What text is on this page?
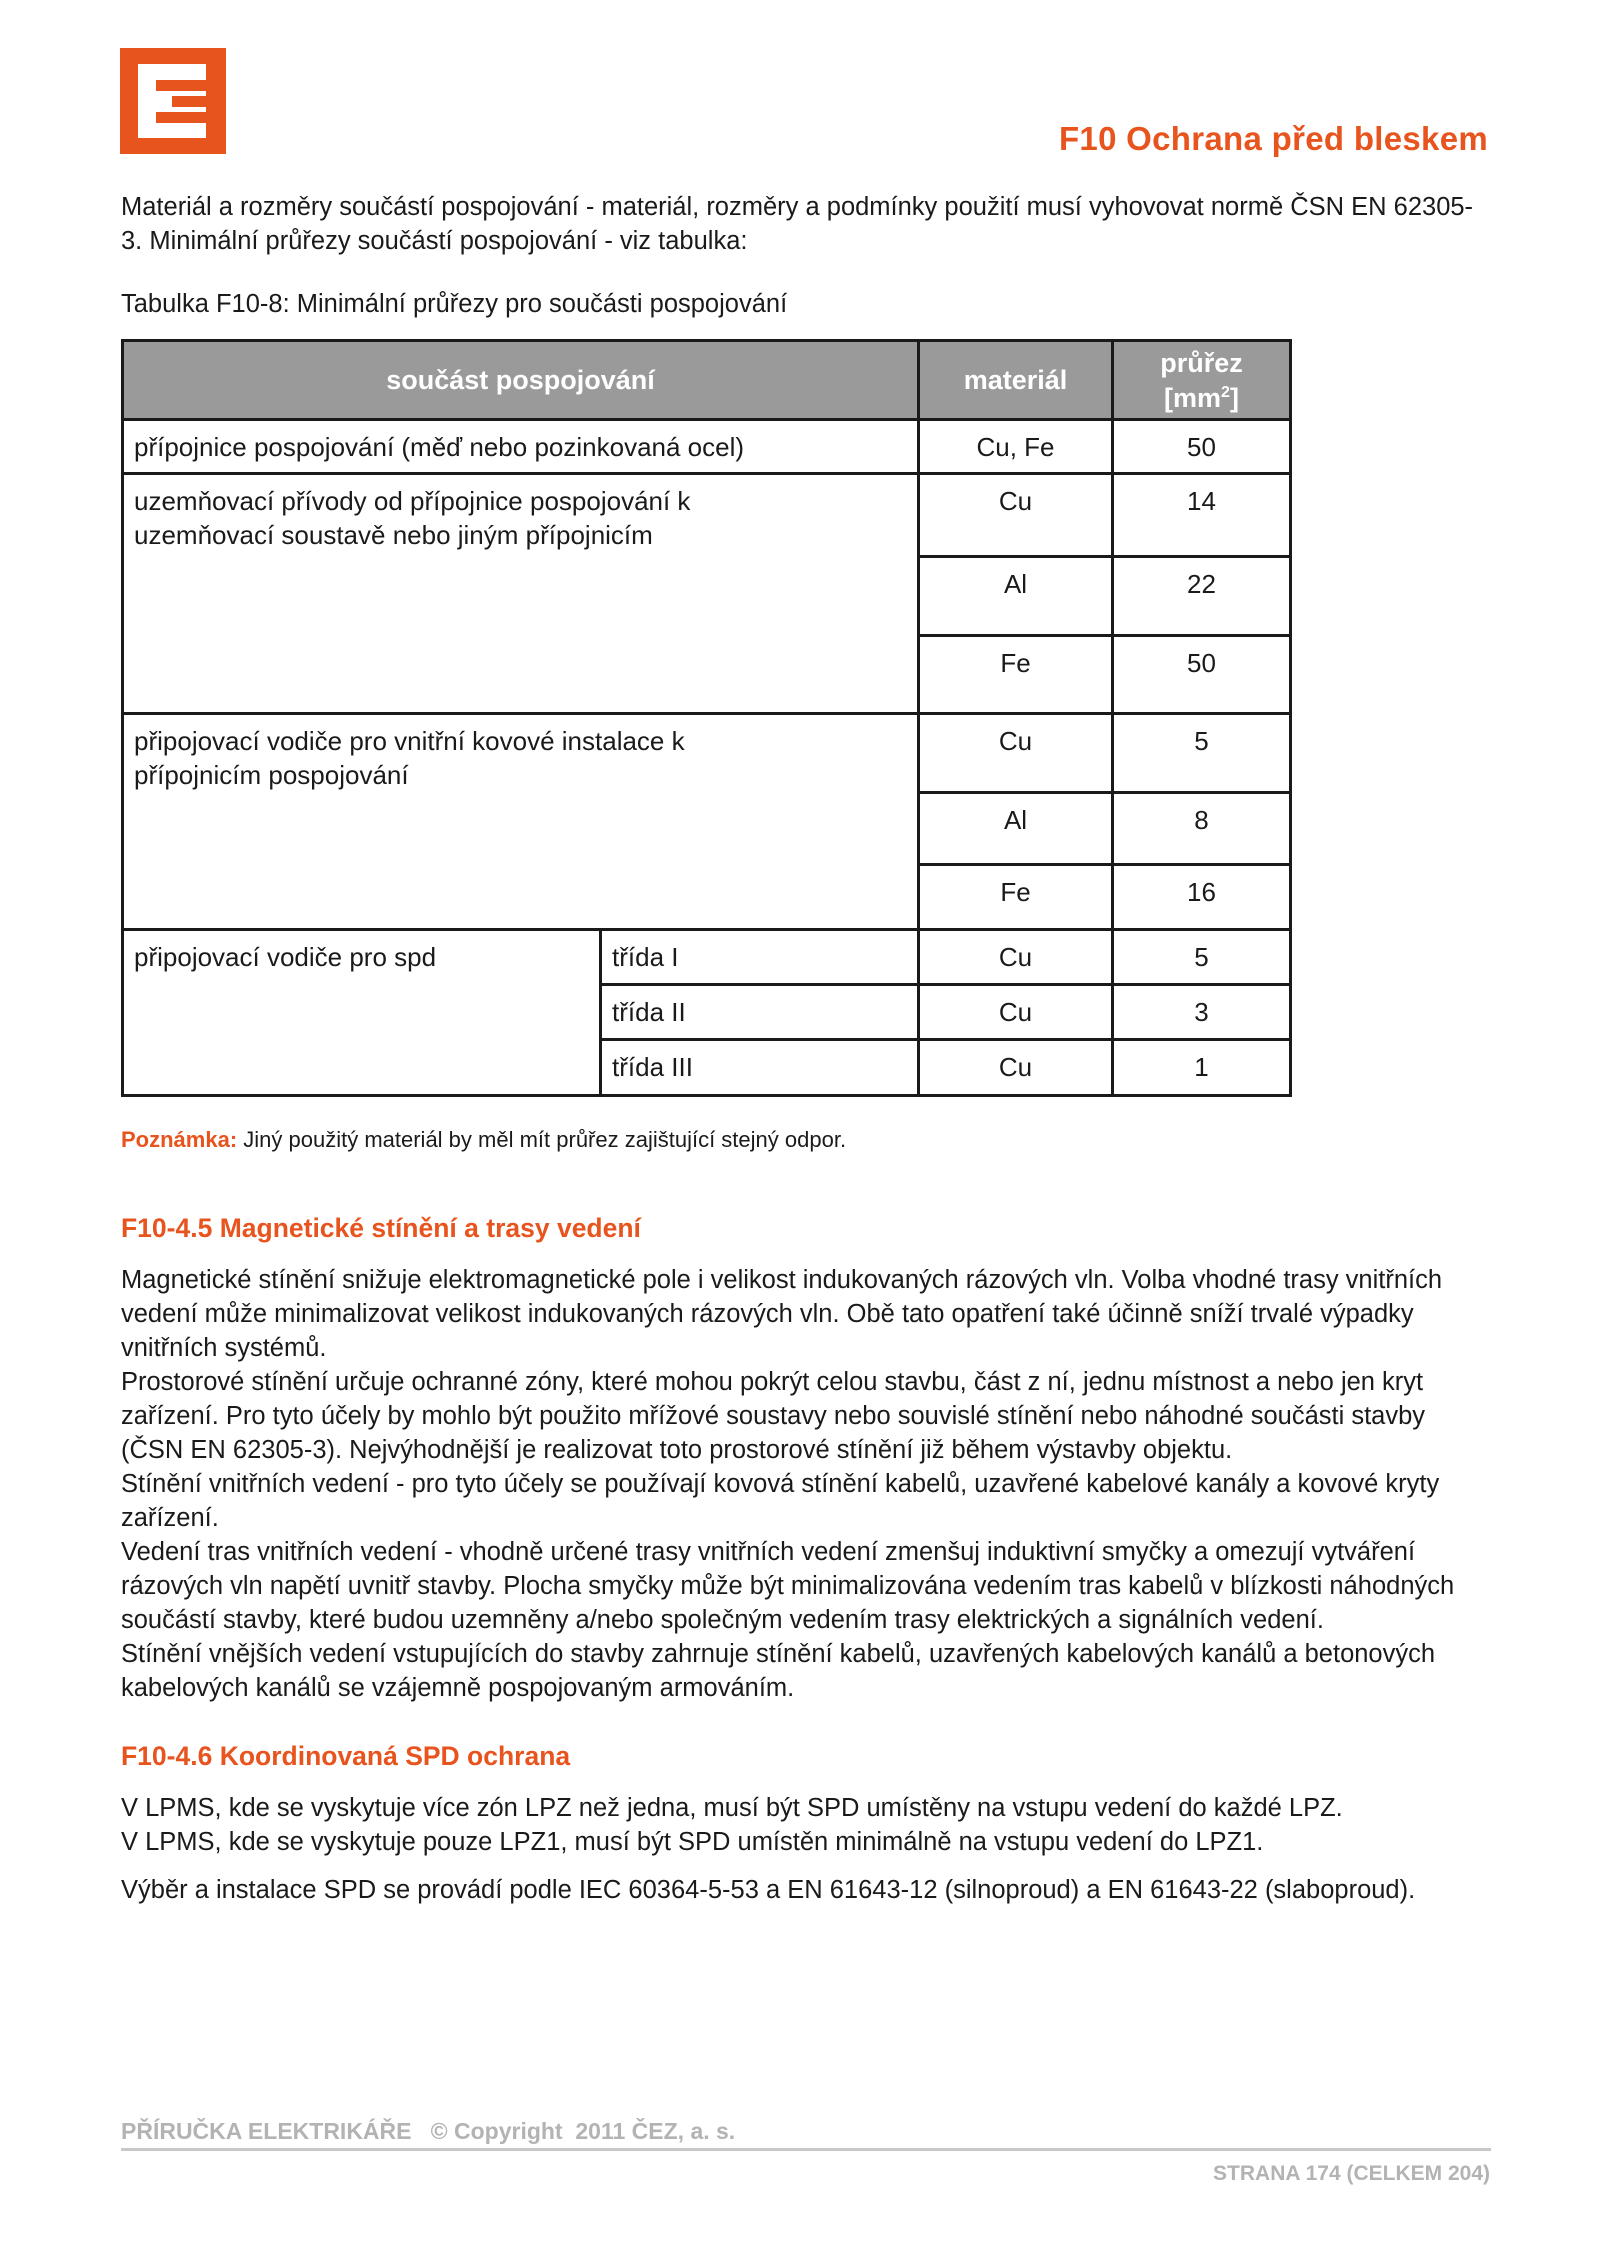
F10 Ochrana před bleskem

Materiál a rozměry součástí pospojování - materiál, rozměry a podmínky použití musí vyhovovat normě ČSN EN 62305-3. Minimální průřezy součástí pospojování - viz tabulka:

Tabulka F10-8: Minimální průřezy pro součásti pospojování

součást pospojování		materiál	průřez
$[mm^2]$
přípojnice pospojování (měď nebo pozinkovaná ocel)		Cu, Fe	50
uzemňovací přívody od přípojnice pospojování k uzemňovací soustavě nebo jiným přípojnicím		Cu	14
		Al	22
		Fe	50
připojovací vodiče pro vnitřní kovové instalace k přípojnicím pospojování		Cu	5
		Al	8
		Fe	16
připojovací vodiče pro spd	třída I	Cu	5
	třída II	Cu	3
	třída III	Cu	1

Poznámka: Jiný použitý materiál by měl mít průřez zajištující stejný odpor.

F10-4.5 Magnetické stínění a trasy vedení

Magnetické stínění snižuje elektromagnetické pole i velikost indukovaných rázových vln. Volba vhodné trasy vnitřních vedení může minimalizovat velikost indukovaných rázových vln. Obě tato opatření také účinně sníží trvalé výpadky vnitřních systémů.

Prostorové stínění určuje ochranné zóny, které mohou pokrýt celou stavbu, část z ní, jednu místnost a nebo jen kryt zařízení. Pro tyto účely by mohlo být použito mřížové soustavy nebo souvislé stínění nebo náhodné součásti stavby (ČSN EN 62305-3). Nejvýhodnější je realizovat toto prostorové stínění již během výstavby objektu.

Stínění vnitřních vedení - pro tyto účely se používají kovová stínění kabelů, uzavřené kabelové kanály a kovové kryty zařízení.

Vedení tras vnitřních vedení - vhodně určené trasy vnitřních vedení zmenšuj induktivní smyčky a omezují vytváření rázových vln napětí uvnitř stavby. Plocha smyčky může být minimalizována vedením tras kabelů v blízkosti náhodných součástí stavby, které budou uzemněny a/nebo společným vedením trasy elektrických a signálních vedení.

Stínění vnějších vedení vstupujících do stavby zahrnuje stínění kabelů, uzavřených kabelových kanálů a betonových kabelových kanálů se vzájemně pospojovaným armováním.

F10-4.6 Koordinovaná SPD ochrana

V LPMS, kde se vyskytuje více zón LPZ než jedna, musí být SPD umístěny na vstupu vedení do každé LPZ.

V LPMS, kde se vyskytuje pouze LPZ1, musí být SPD umístěn minimálně na vstupu vedení do LPZ1.

Výběr a instalace SPD se provádí podle IEC 60364-5-53 a EN 61643-12 (silnoproud) a EN 61643-22 (slaboproud).

PŘÍRUČKA ELEKTRIKÁŘE   © Copyright  2011 ČEZ, a. s.
STRANA 174 (CELKEM 204)
